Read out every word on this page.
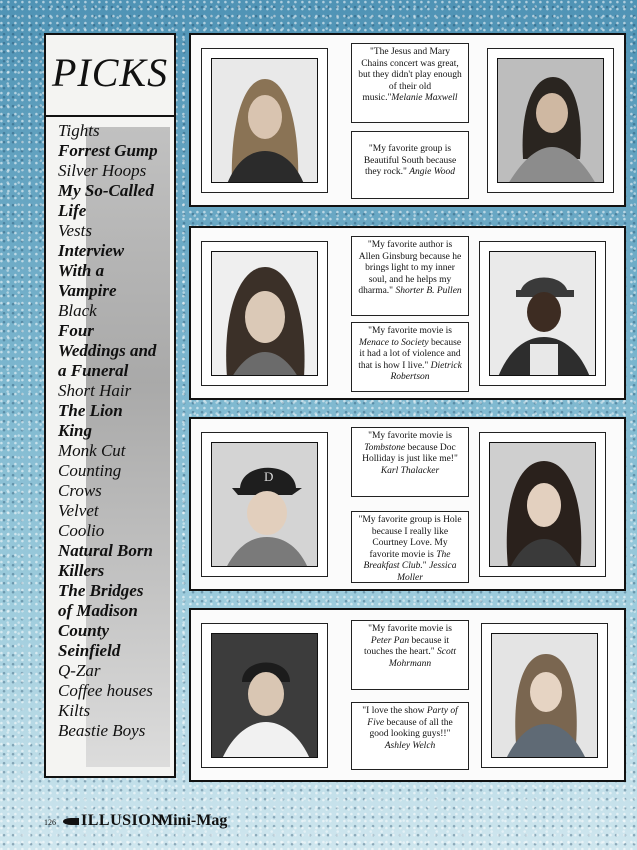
PICKS
Tights
Forrest Gump
Silver Hoops
My So-Called
Life
Vests
Interview
With a
Vampire
Black
Four
Weddings and
a Funeral
Short Hair
The Lion
King
Monk Cut
Counting
Crows
Velvet
Coolio
Natural Born
Killers
The Bridges
of Madison
County
Seinfield
Q-Zar
Coffee houses
Kilts
Beastie Boys
"The Jesus and Mary Chains concert was great, but they didn't play enough of their old music."Melanie Maxwell
"My favorite group is Beautiful South because they rock." Angie Wood
"My favorite author is Allen Ginsburg because he brings light to my inner soul, and he helps my dharma." Shorter B. Pullen
"My favorite movie is Menace to Society because it had a lot of violence and that is how I live." Dietrick Robertson
D
"My favorite movie is Tombstone because Doc Holliday is just like me!" Karl Thalacker
"My favorite group is Hole because I really like Courtney Love. My favorite movie is The Breakfast Club." Jessica Moller
"My favorite movie is Peter Pan because it touches the heart." Scott Mohrmann
"I love the show Party of Five because of all the good looking guys!!" Ashley Welch
126	ILLUSION
Mini-Mag
